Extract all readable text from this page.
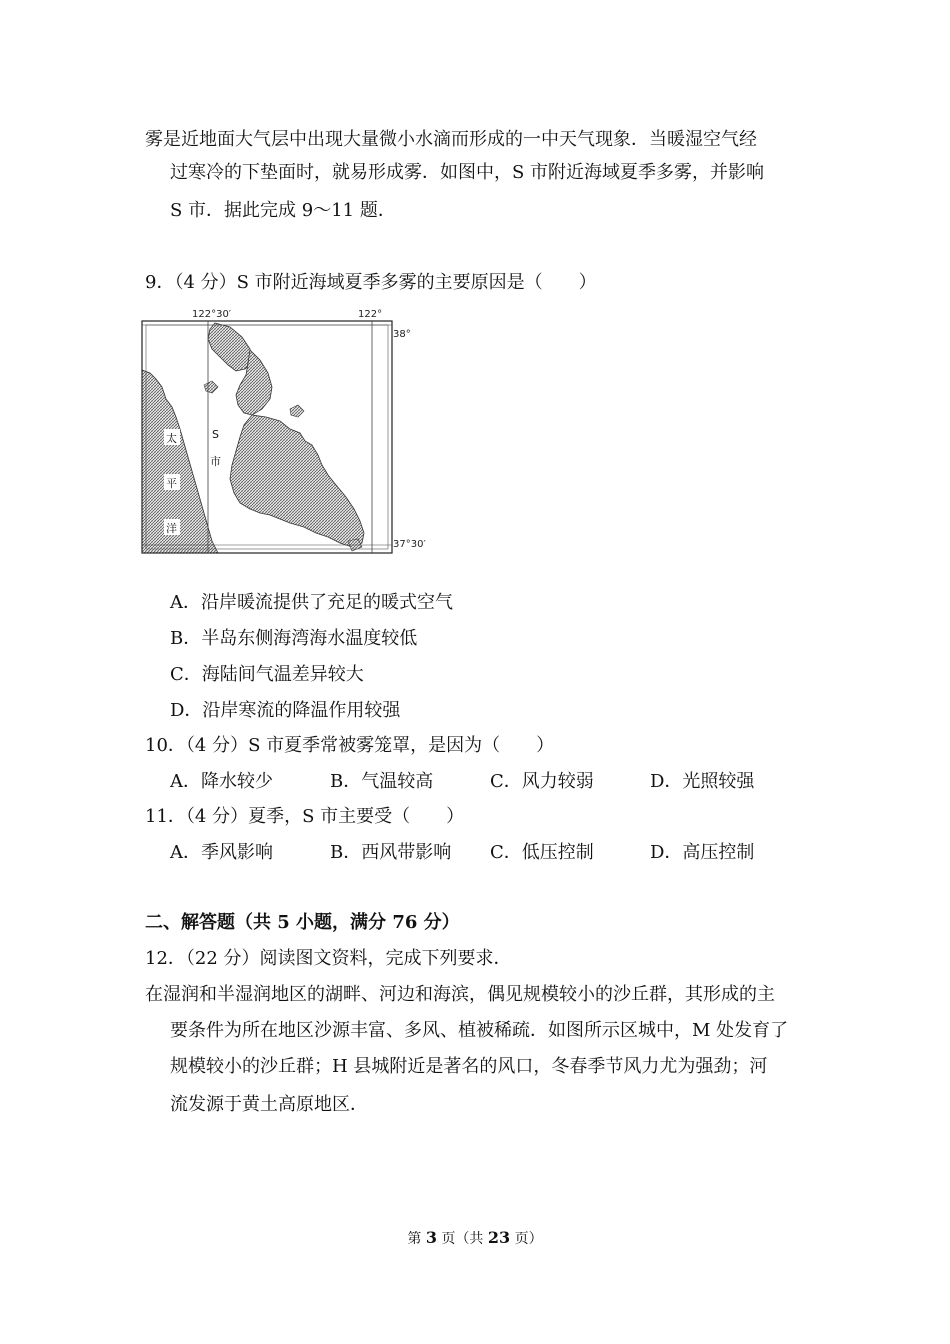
雾是近地面大气层中出现大量微小水滴而形成的一中天气现象．当暖湿空气经
过寒冷的下垫面时，就易形成雾．如图中，S 市附近海域夏季多雾，并影响
S 市．据此完成 9～11 题．
9．（4 分）S 市附近海域夏季多雾的主要原因是（　　）
122°30′	122°
38°
37°30′
S
市
太
平
洋
A．沿岸暖流提供了充足的暖式空气
B．半岛东侧海湾海水温度较低
C．海陆间气温差异较大
D．沿岸寒流的降温作用较强
10．（4 分）S 市夏季常被雾笼罩，是因为（　　）
A．降水较少	B．气温较高	C．风力较弱	D．光照较强
11．（4 分）夏季，S 市主要受（　　）
A．季风影响	B．西风带影响	C．低压控制	D．高压控制
二、解答题（共 5 小题，满分 76 分）
12．（22 分）阅读图文资料，完成下列要求．
在湿润和半湿润地区的湖畔、河边和海滨，偶见规模较小的沙丘群，其形成的主
要条件为所在地区沙源丰富、多风、植被稀疏．如图所示区城中，M 处发育了
规模较小的沙丘群；H 县城附近是著名的风口，冬春季节风力尤为强劲；河
流发源于黄土高原地区．
第 3 页（共 23 页）
